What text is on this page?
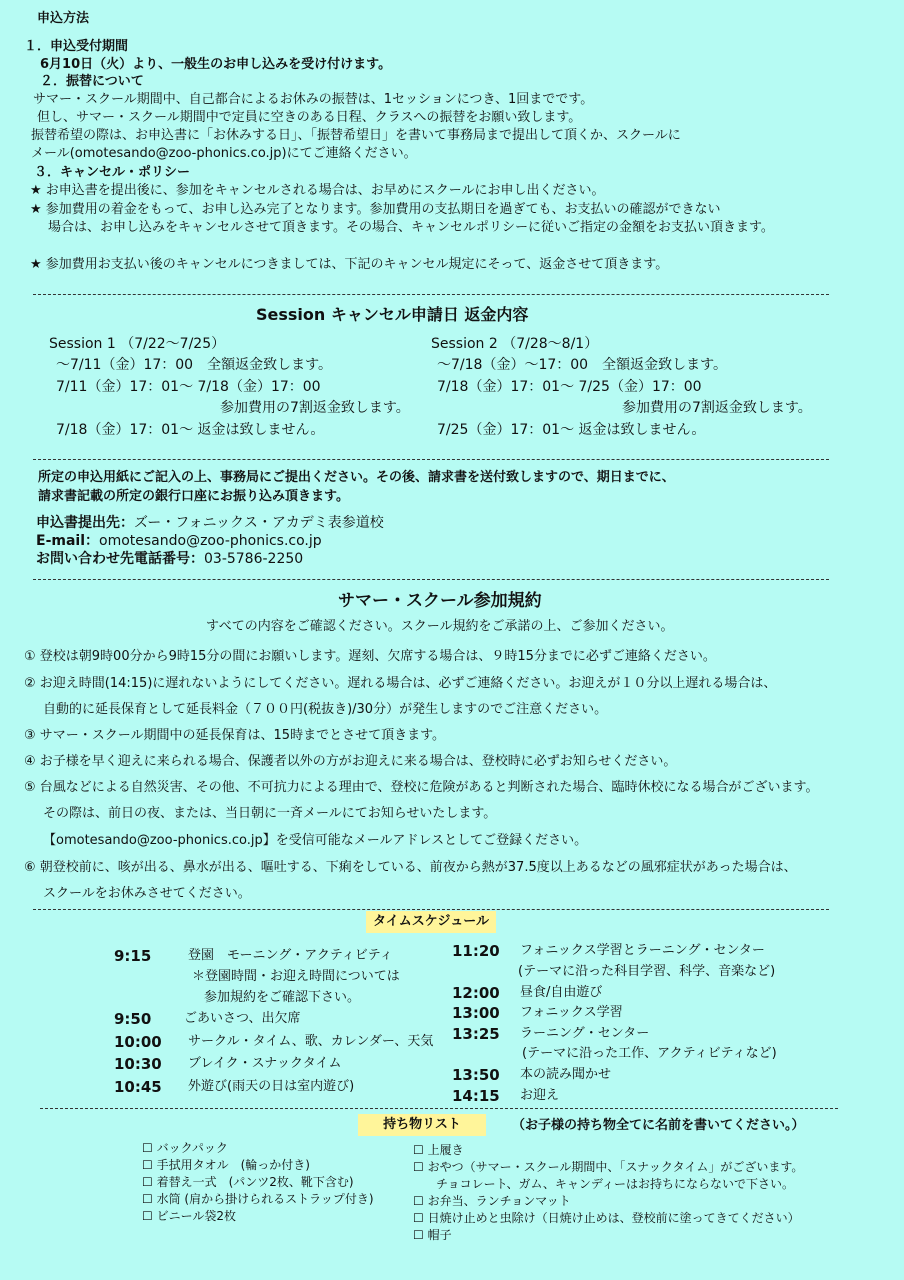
申込方法
１．申込受付期間
6月10日（火）より、一般生のお申し込みを受け付けます。
２．振替について
サマー・スクール期間中、自己都合によるお休みの振替は、1セッションにつき、1回までです。
但し、サマー・スクール期間中で定員に空きのある日程、クラスへの振替をお願い致します。
振替希望の際は、お申込書に「お休みする日」、「振替希望日」を書いて事務局まで提出して頂くか、スクールに
メール(omotesando@zoo-phonics.co.jp)にてご連絡ください。
３．キャンセル・ポリシー
★ お申込書を提出後に、参加をキャンセルされる場合は、お早めにスクールにお申し出ください。
★ 参加費用の着金をもって、お申し込み完了となります。参加費用の支払期日を過ぎても、お支払いの確認ができない
場合は、お申し込みをキャンセルさせて頂きます。その場合、キャンセルポリシーに従いご指定の金額をお支払い頂きます。
★ 参加費用お支払い後のキャンセルにつきましては、下記のキャンセル規定にそって、返金させて頂きます。
Session キャンセル申請日 返金内容
Session 1 （7/22〜7/25）
〜7/11（金）17：00　全額返金致します。
7/11（金）17：01〜 7/18（金）17：00
参加費用の7割返金致します。
7/18（金）17：01〜 返金は致しません。
Session 2 （7/28〜8/1）
〜7/18（金）〜17：00　全額返金致します。
7/18（金）17：01〜 7/25（金）17：00
参加費用の7割返金致します。
7/25（金）17：01〜 返金は致しません。
所定の申込用紙にご記入の上、事務局にご提出ください。その後、請求書を送付致しますので、期日までに、
請求書記載の所定の銀行口座にお振り込み頂きます。
申込書提出先：ズー・フォニックス・アカデミ表参道校
E-mail：omotesando@zoo-phonics.co.jp
お問い合わせ先電話番号：03-5786-2250
サマー・スクール参加規約
すべての内容をご確認ください。スクール規約をご承諾の上、ご参加ください。
① 登校は朝9時00分から9時15分の間にお願いします。遅刻、欠席する場合は、９時15分までに必ずご連絡ください。
② お迎え時間(14:15)に遅れないようにしてください。遅れる場合は、必ずご連絡ください。お迎えが１０分以上遅れる場合は、
自動的に延長保育として延長料金（７００円(税抜き)/30分）が発生しますのでご注意ください。
③ サマー・スクール期間中の延長保育は、15時までとさせて頂きます。
④ お子様を早く迎えに来られる場合、保護者以外の方がお迎えに来る場合は、登校時に必ずお知らせください。
⑤ 台風などによる自然災害、その他、不可抗力による理由で、登校に危険があると判断された場合、臨時休校になる場合がございます。
その際は、前日の夜、または、当日朝に一斉メールにてお知らせいたします。
【omotesando@zoo-phonics.co.jp】を受信可能なメールアドレスとしてご登録ください。
⑥ 朝登校前に、咳が出る、鼻水が出る、嘔吐する、下痢をしている、前夜から熱が37.5度以上あるなどの風邪症状があった場合は、
スクールをお休みさせてください。
タイムスケジュール
9:15	登園　モーニング・アクティビティ
＊登園時間・お迎え時間については
参加規約をご確認下さい。
9:50	ごあいさつ、出欠席
10:00 サークル・タイム、歌、カレンダー、天気
10:30 ブレイク・スナックタイム
10:45 外遊び(雨天の日は室内遊び)
11:20 フォニックス学習とラーニング・センター
(テーマに沿った科目学習、科学、音楽など)
12:00 昼食/自由遊び
13:00 フォニックス学習
13:25 ラーニング・センター
(テーマに沿った工作、アクティビティなど)
13:50 本の読み聞かせ
14:15 お迎え
持ち物リスト	（お子様の持ち物全てに名前を書いてください。）
☐ バックパック
☐ 手拭用タオル　(輪っか付き)
☐ 着替え一式　(パンツ2枚、靴下含む)
☐ 水筒 (肩から掛けられるストラップ付き)
☐ ビニール袋2枚
☐ 上履き
☐ おやつ（サマー・スクール期間中、「スナックタイム」がございます。
チョコレート、ガム、キャンディーはお持ちにならないで下さい。
☐ お弁当、ランチョンマット
☐ 日焼け止めと虫除け（日焼け止めは、登校前に塗ってきてください）
☐ 帽子
